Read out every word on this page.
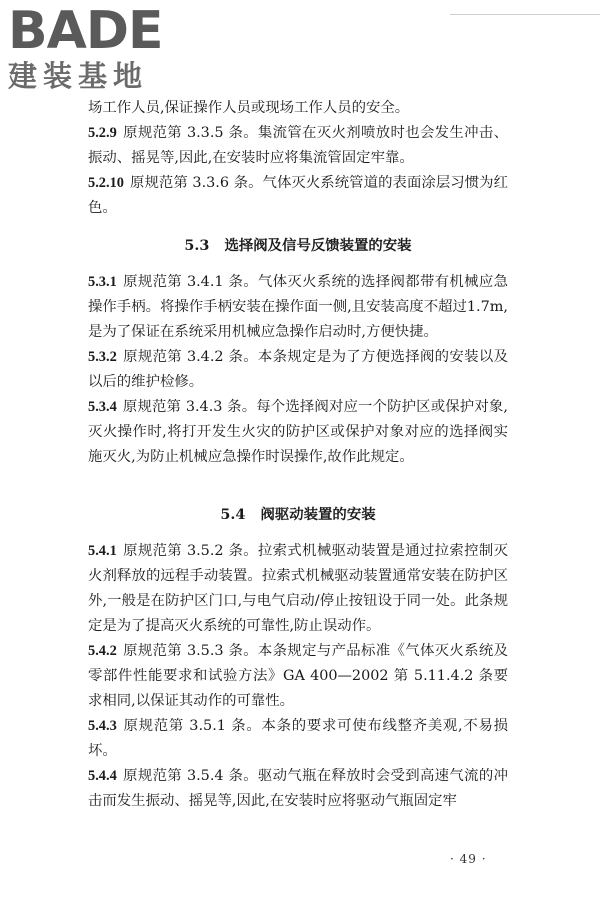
BADE
建装基地

场工作人员,保证操作人员或现场工作人员的安全。

5.2.9 原规范第 3.3.5 条。集流管在灭火剂喷放时也会发生冲击、振动、摇晃等,因此,在安装时应将集流管固定牢靠。

5.2.10 原规范第 3.3.6 条。气体灭火系统管道的表面涂层习惯为红色。

5.3 选择阀及信号反馈装置的安装

5.3.1 原规范第 3.4.1 条。气体灭火系统的选择阀都带有机械应急操作手柄。将操作手柄安装在操作面一侧,且安装高度不超过1.7m,是为了保证在系统采用机械应急操作启动时,方便快捷。

5.3.2 原规范第 3.4.2 条。本条规定是为了方便选择阀的安装以及以后的维护检修。

5.3.4 原规范第 3.4.3 条。每个选择阀对应一个防护区或保护对象,灭火操作时,将打开发生火灾的防护区或保护对象对应的选择阀实施灭火,为防止机械应急操作时误操作,故作此规定。

5.4 阀驱动装置的安装

5.4.1 原规范第 3.5.2 条。拉索式机械驱动装置是通过拉索控制灭火剂释放的远程手动装置。拉索式机械驱动装置通常安装在防护区外,一般是在防护区门口,与电气启动/停止按钮设于同一处。此条规定是为了提高灭火系统的可靠性,防止误动作。

5.4.2 原规范第 3.5.3 条。本条规定与产品标准《气体灭火系统及零部件性能要求和试验方法》GA 400—2002 第 5.11.4.2 条要求相同,以保证其动作的可靠性。

5.4.3 原规范第 3.5.1 条。本条的要求可使布线整齐美观,不易损坏。

5.4.4 原规范第 3.5.4 条。驱动气瓶在释放时会受到高速气流的冲击而发生振动、摇晃等,因此,在安装时应将驱动气瓶固定牢

· 49 ·
